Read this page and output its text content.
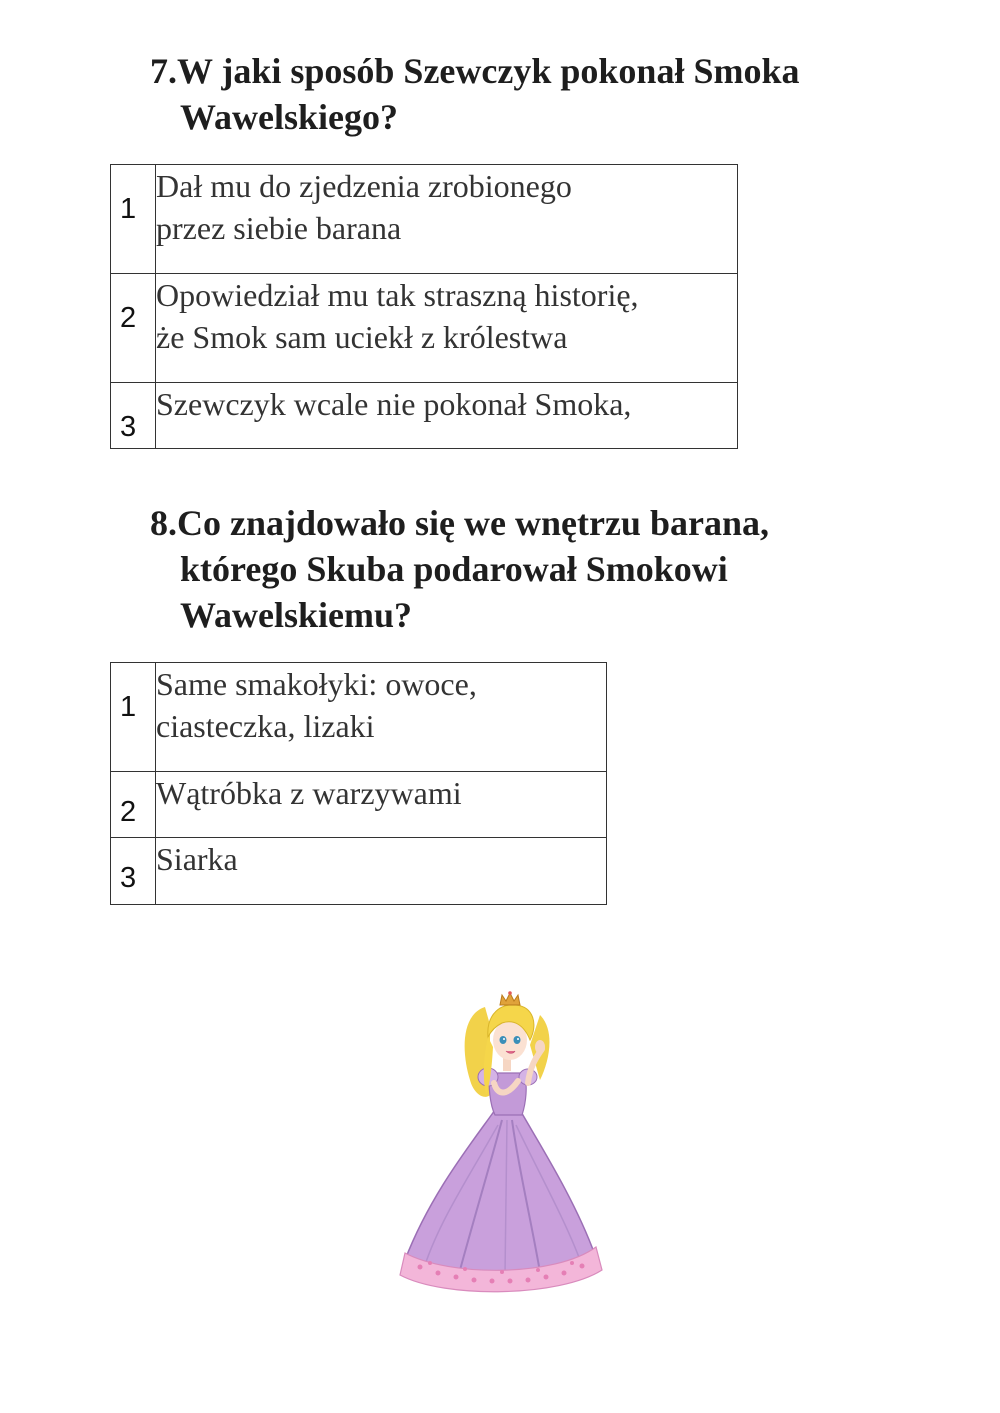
7.W jaki sposób Szewczyk pokonał Smoka
Wawelskiego?
1	Dał mu do zjedzenia zrobionego
przez siebie barana

2	Opowiedział mu tak straszną historię,
że Smok sam uciekł z królestwa

3	Szewczyk wcale nie pokonał Smoka,
8.Co znajdowało się we wnętrzu barana,
którego Skuba podarował Smokowi
Wawelskiemu?
1	Same smakołyki: owoce,
ciasteczka, lizaki

2	Wątróbka z warzywami

3	Siarka
